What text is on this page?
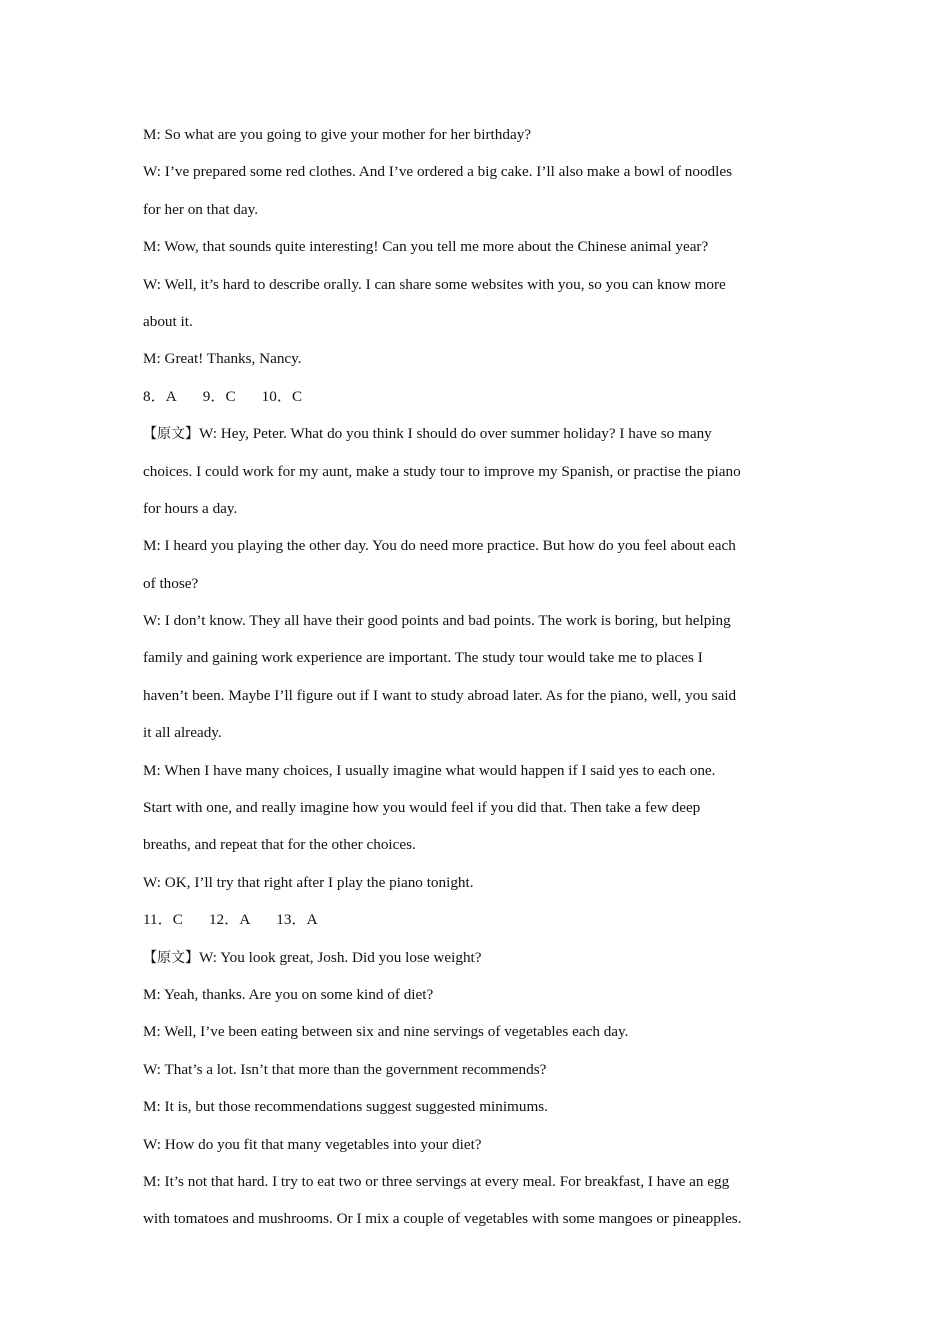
M: So what are you going to give your mother for her birthday?
W: I’ve prepared some red clothes. And I’ve ordered a big cake. I’ll also make a bowl of noodles
for her on that day.
M: Wow, that sounds quite interesting! Can you tell me more about the Chinese animal year?
W: Well, it’s hard to describe orally. I can share some websites with you, so you can know more
about it.
M: Great! Thanks, Nancy.
8．A 9．C 10．C
【原文】W: Hey, Peter. What do you think I should do over summer holiday? I have so many
choices. I could work for my aunt, make a study tour to improve my Spanish, or practise the piano
for hours a day.
M: I heard you playing the other day. You do need more practice. But how do you feel about each
of those?
W: I don’t know. They all have their good points and bad points. The work is boring, but helping
family and gaining work experience are important. The study tour would take me to places I
haven’t been. Maybe I’ll figure out if I want to study abroad later. As for the piano, well, you said
it all already.
M: When I have many choices, I usually imagine what would happen if I said yes to each one.
Start with one, and really imagine how you would feel if you did that. Then take a few deep
breaths, and repeat that for the other choices.
W: OK, I’ll try that right after I play the piano tonight.
11．C 12．A 13．A
【原文】W: You look great, Josh. Did you lose weight?
M: Yeah, thanks. Are you on some kind of diet?
M: Well, I’ve been eating between six and nine servings of vegetables each day.
W: That’s a lot. Isn’t that more than the government recommends?
M: It is, but those recommendations suggest suggested minimums.
W: How do you fit that many vegetables into your diet?
M: It’s not that hard. I try to eat two or three servings at every meal. For breakfast, I have an egg
with tomatoes and mushrooms. Or I mix a couple of vegetables with some mangoes or pineapples.
